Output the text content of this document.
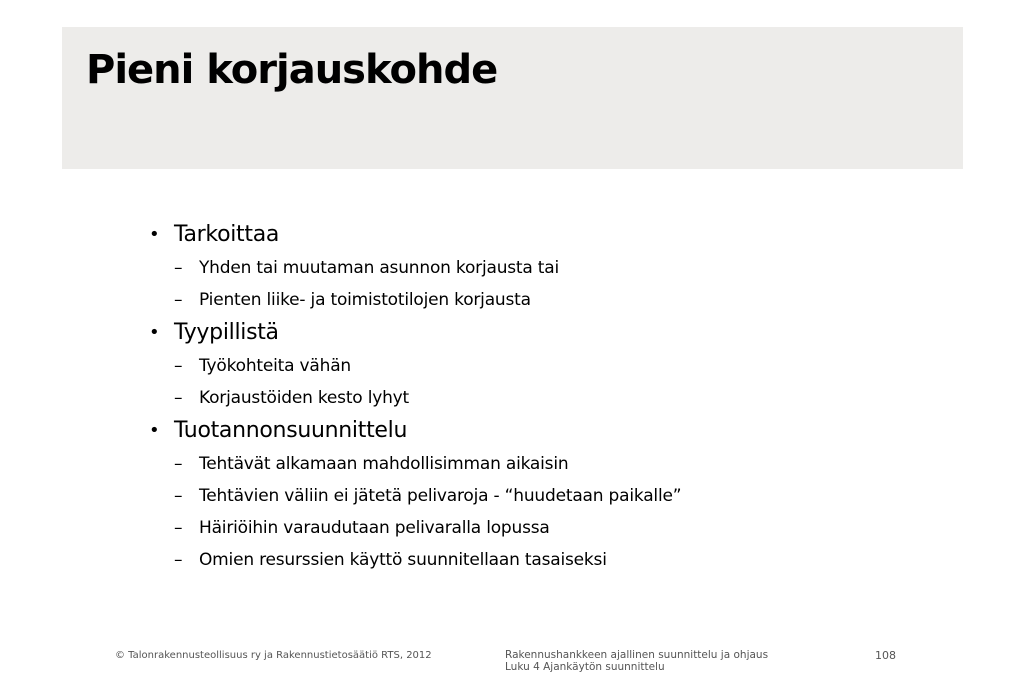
Pieni korjauskohde
• Tarkoittaa
– Yhden tai muutaman asunnon korjausta tai
– Pienten liike- ja toimistotilojen korjausta
• Tyypillistä
– Työkohteita vähän
– Korjaustöiden kesto lyhyt
• Tuotannonsuunnittelu
– Tehtävät alkamaan mahdollisimman aikaisin
– Tehtävien väliin ei jätetä pelivaroja - “huudetaan paikalle”
– Häiriöihin varaudutaan pelivaralla lopussa
– Omien resurssien käyttö suunnitellaan tasaiseksi
© Talonrakennusteollisuus ry ja Rakennustietosäätiö RTS, 2012	Rakennushankkeen ajallinen suunnittelu ja ohjaus
Luku 4 Ajankäytön suunnittelu
108
